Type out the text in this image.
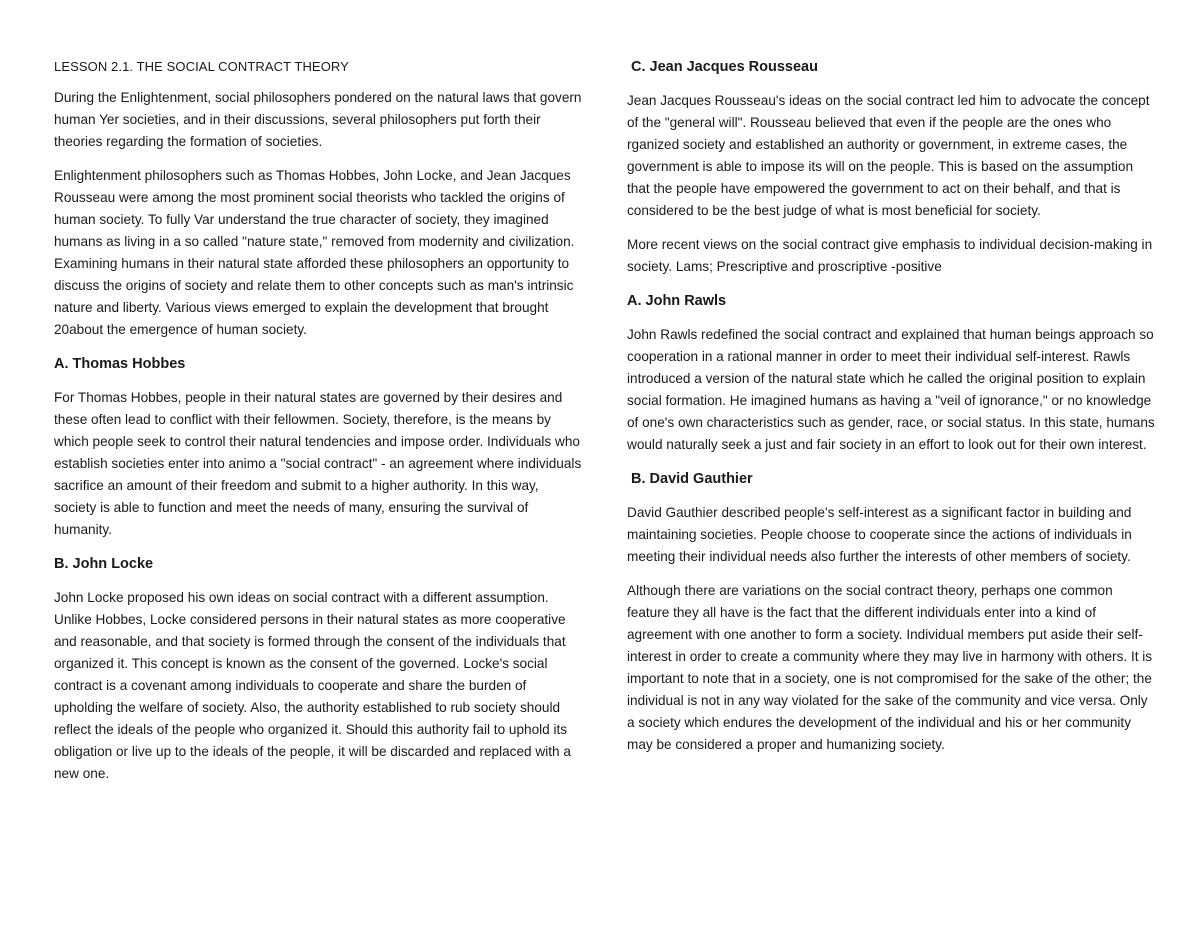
LESSON 2.1. THE SOCIAL CONTRACT THEORY

During the Enlightenment, social philosophers pondered on the natural laws that govern human Yer societies, and in their discussions, several philosophers put forth their theories regarding the formation of societies.

Enlightenment philosophers such as Thomas Hobbes, John Locke, and Jean Jacques Rousseau were among the most prominent social theorists who tackled the origins of human society. To fully Var understand the true character of society, they imagined humans as living in a so called "nature state," removed from modernity and civilization. Examining humans in their natural state afforded these philosophers an opportunity to discuss the origins of society and relate them to other concepts such as man's intrinsic nature and liberty. Various views emerged to explain the development that brought 20about the emergence of human society.

A. Thomas Hobbes

For Thomas Hobbes, people in their natural states are governed by their desires and these often lead to conflict with their fellowmen. Society, therefore, is the means by which people seek to control their natural tendencies and impose order. Individuals who establish societies enter into animo a "social contract" - an agreement where individuals sacrifice an amount of their freedom and submit to a higher authority. In this way, society is able to function and meet the needs of many, ensuring the survival of humanity.

B. John Locke

John Locke proposed his own ideas on social contract with a different assumption. Unlike Hobbes, Locke considered persons in their natural states as more cooperative and reasonable, and that society is formed through the consent of the individuals that organized it. This concept is known as the consent of the governed. Locke's social contract is a covenant among individuals to cooperate and share the burden of upholding the welfare of society. Also, the authority established to rub society should reflect the ideals of the people who organized it. Should this authority fail to uphold its obligation or live up to the ideals of the people, it will be discarded and replaced with a new one.

C. Jean Jacques Rousseau

Jean Jacques Rousseau's ideas on the social contract led him to advocate the concept of the "general will". Rousseau believed that even if the people are the ones who rganized society and established an authority or government, in extreme cases, the government is able to impose its will on the people. This is based on the assumption that the people have empowered the government to act on their behalf, and that is considered to be the best judge of what is most beneficial for society.

More recent views on the social contract give emphasis to individual decision-making in society. Lams; Prescriptive and proscriptive -positive

A. John Rawls

John Rawls redefined the social contract and explained that human beings approach so cooperation in a rational manner in order to meet their individual self-interest. Rawls introduced a version of the natural state which he called the original position to explain social formation. He imagined humans as having a "veil of ignorance," or no knowledge of one's own characteristics such as gender, race, or social status. In this state, humans would naturally seek a just and fair society in an effort to look out for their own interest.

B. David Gauthier

David Gauthier described people's self-interest as a significant factor in building and maintaining societies. People choose to cooperate since the actions of individuals in meeting their individual needs also further the interests of other members of society.

Although there are variations on the social contract theory, perhaps one common feature they all have is the fact that the different individuals enter into a kind of agreement with one another to form a society. Individual members put aside their self-interest in order to create a community where they may live in harmony with others. It is important to note that in a society, one is not compromised for the sake of the other; the individual is not in any way violated for the sake of the community and vice versa. Only a society which endures the development of the individual and his or her community may be considered a proper and humanizing society.
